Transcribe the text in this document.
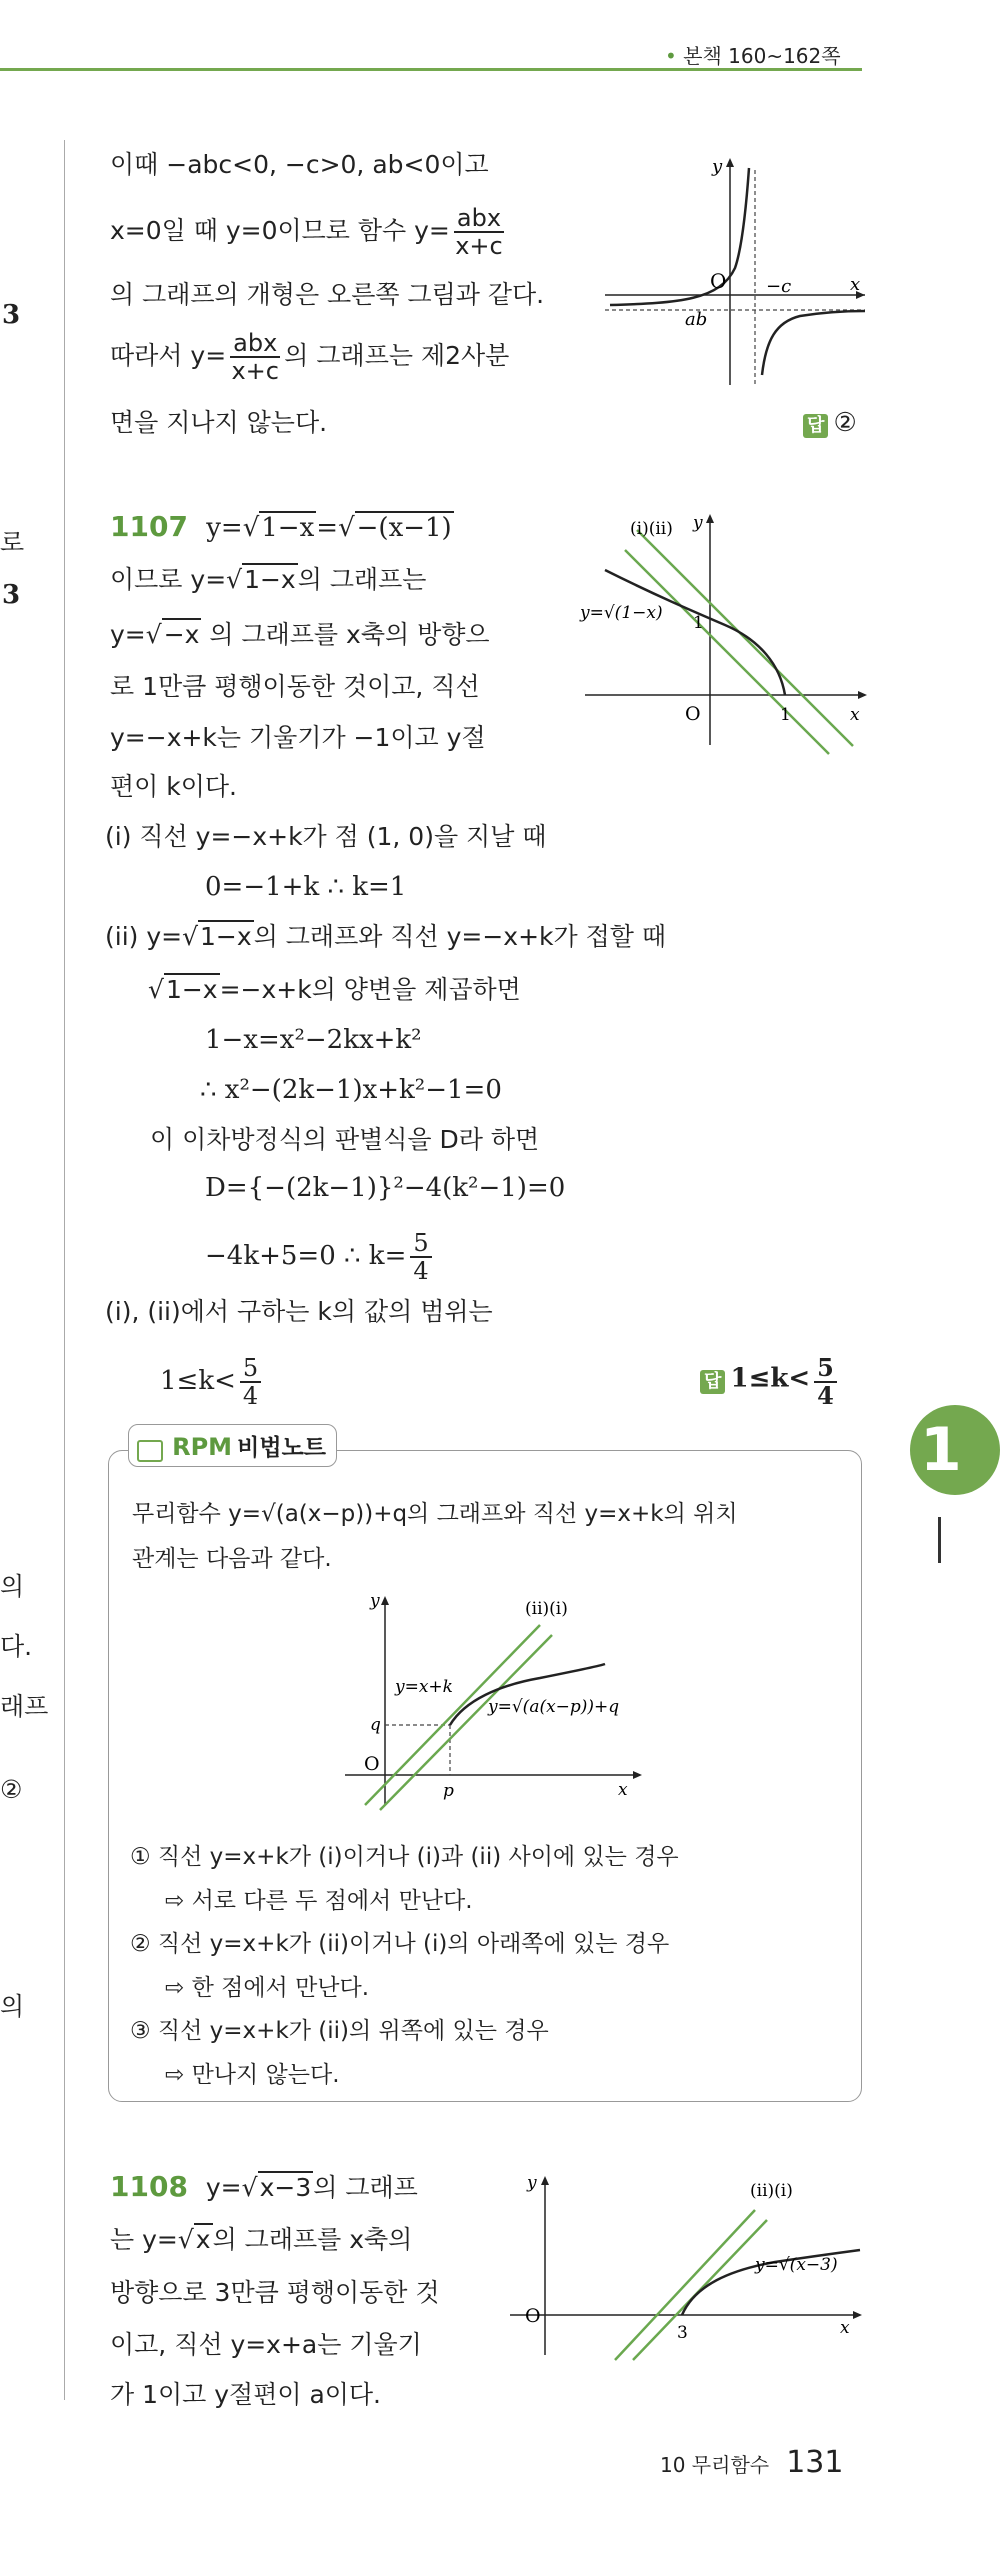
• 본책 160~162쪽
3
로
3
의
다.
래프
②
의
1
이때 −abc<0, −c>0, ab<0이고
x=0일 때 y=0이므로 함수 $y= \frac{\text{abx}}{x+c}$
의 그래프의 개형은 오른쪽 그림과 같다.
따라서 $y= \frac{\text{abx}}{x+c}$ 의 그래프는 제2사분
면을 지나지 않는다.	답 ②
y
O −c	x
ab
1107 y=√1−x=√−(x−1)
이므로 y=√1−x의 그래프는
y=√−x 의 그래프를 x축의 방향으
로 1만큼 평행이동한 것이고, 직선
y=−x+k는 기울기가 −1이고 y절
편이 k이다.
(i) 직선 y=−x+k가 점 (1, 0)을 지날 때
0=−1+k ∴ k=1
(ii) y=√1−x의 그래프와 직선 y=−x+k가 접할 때
√1−x=−x+k의 양변을 제곱하면
1−x=x²−2kx+k²
∴ x²−(2k−1)x+k²−1=0
이 이차방정식의 판별식을 D라 하면
D={−(2k−1)}²−4(k²−1)=0
−4k+5=0 ∴ $k= \frac{5}{4}$
(i), (ii)에서 구하는 k의 값의 범위는
$1\le k< \frac{5}{4}$	답 $1\le k< \frac{5}{4}$
(i)(ii) y
y=√(1−x) 1
O	1	x
RPM 비법노트
무리함수 y=√(a(x−p))+q의 그래프와 직선 y=x+k의 위치
관계는 다음과 같다.
y	(ii)(i)
y=x+k
y=√(a(x−p))+q
q
O
p	x
① 직선 y=x+k가 (i)이거나 (i)과 (ii) 사이에 있는 경우
⇨ 서로 다른 두 점에서 만난다.
② 직선 y=x+k가 (ii)이거나 (i)의 아래쪽에 있는 경우
⇨ 한 점에서 만난다.
③ 직선 y=x+k가 (ii)의 위쪽에 있는 경우
⇨ 만나지 않는다.
1108 y=√x−3의 그래프
는 y=√x의 그래프를 x축의
방향으로 3만큼 평행이동한 것
이고, 직선 y=x+a는 기울기
가 1이고 y절편이 a이다.
y	(ii)(i)
y=√(x−3)
O
3	x
10 무리함수 131
